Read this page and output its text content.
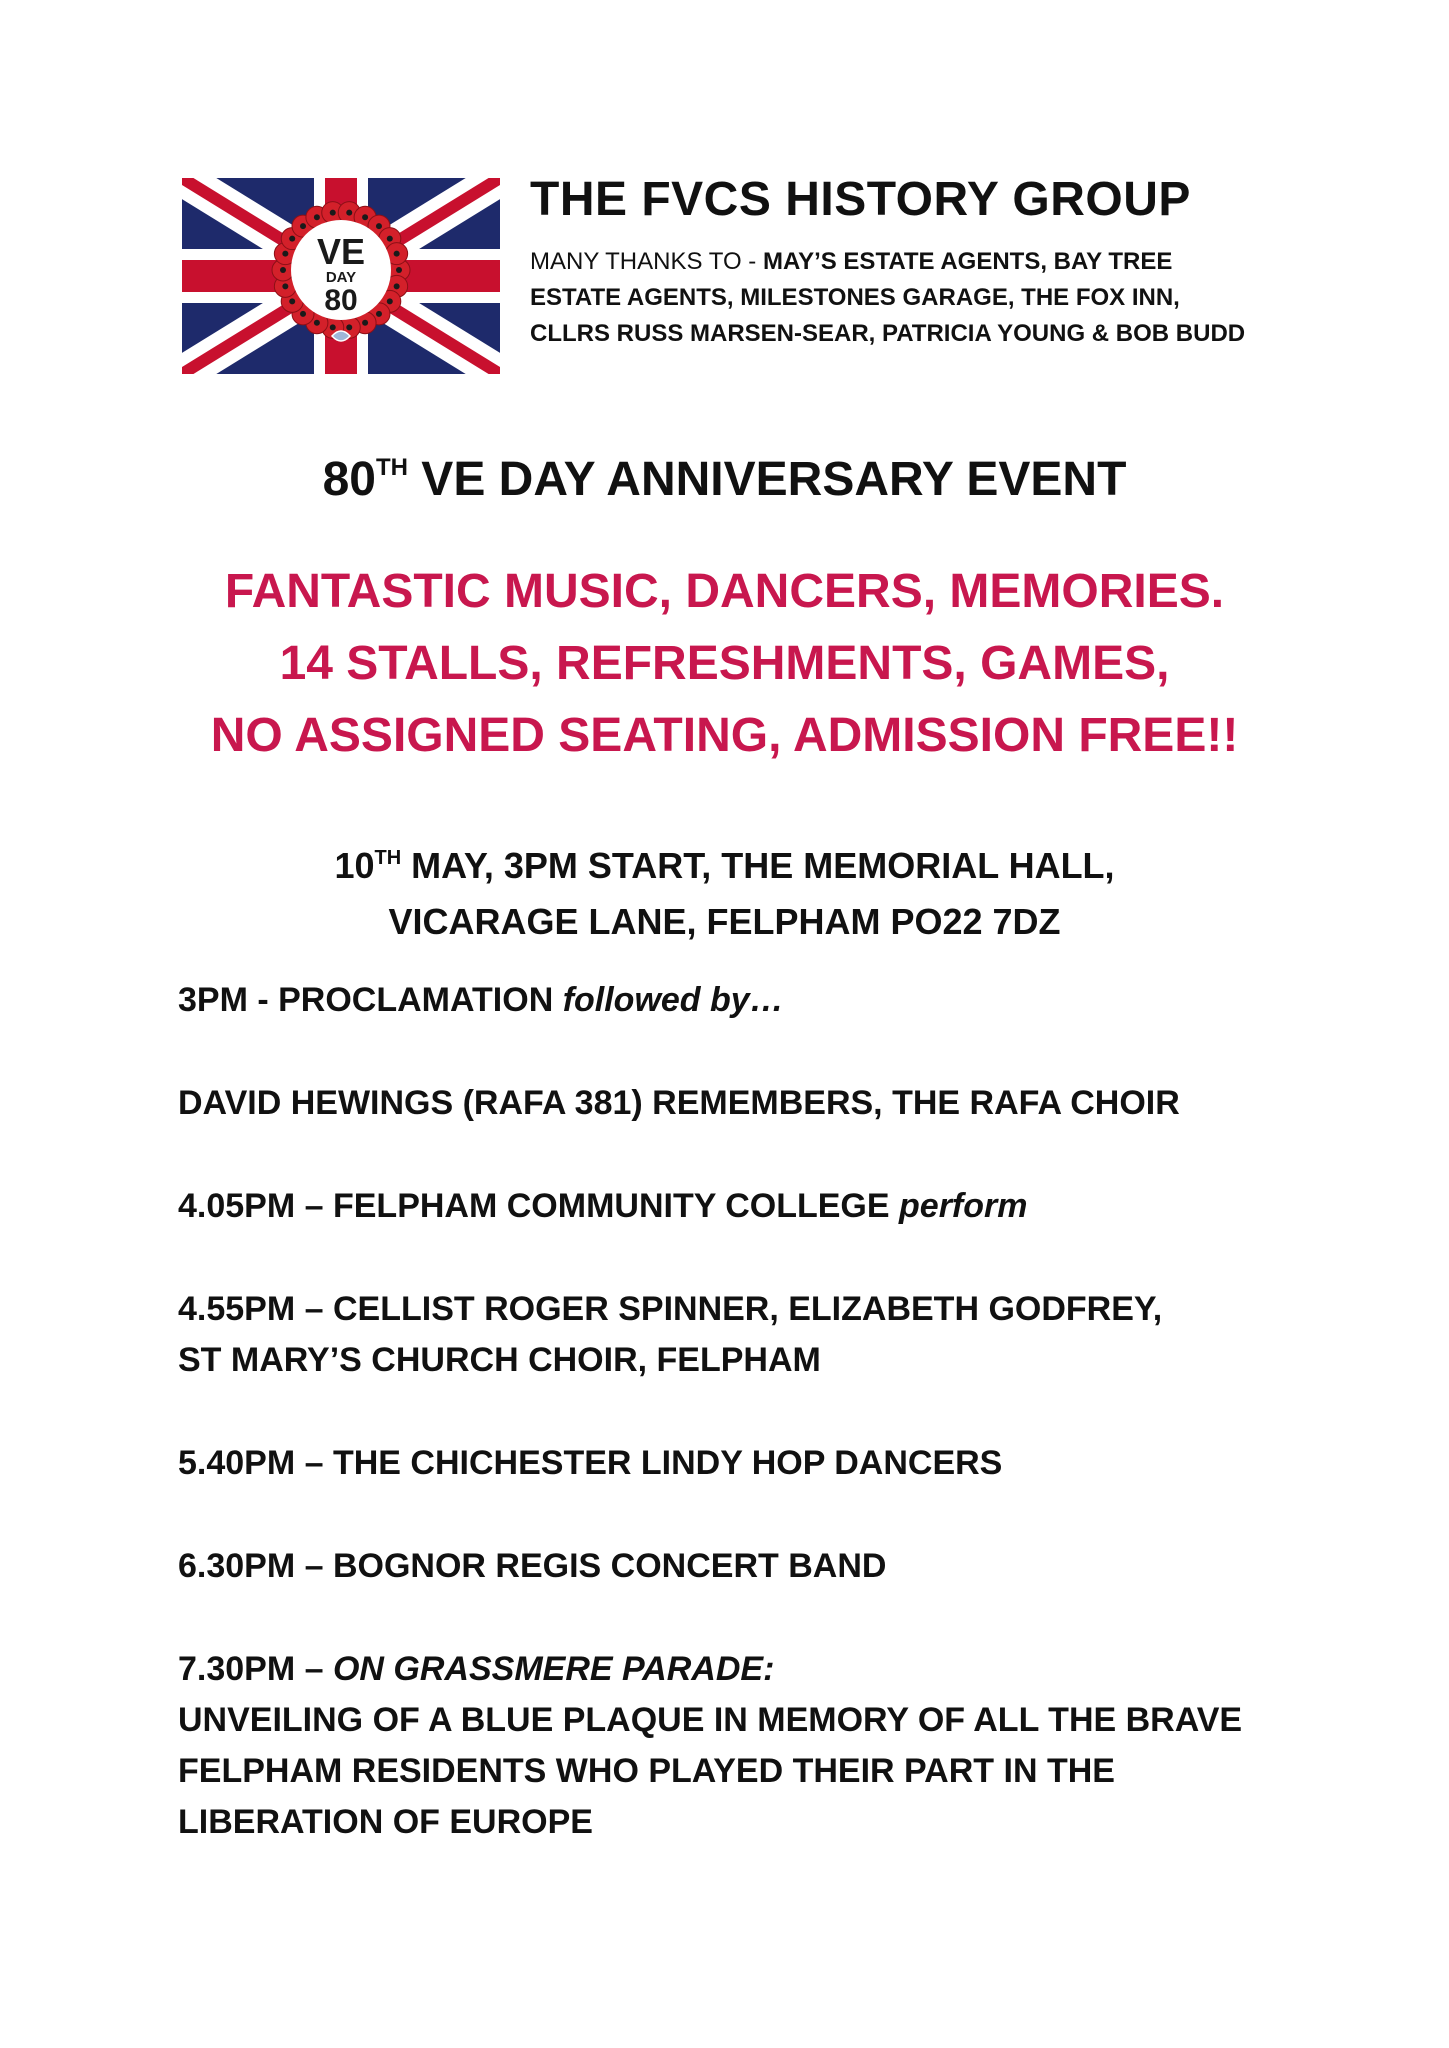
VE
DAY
80
THE FVCS HISTORY GROUP
MANY THANKS TO - MAY’S ESTATE AGENTS, BAY TREE
ESTATE AGENTS, MILESTONES GARAGE, THE FOX INN,
CLLRS RUSS MARSEN-SEAR, PATRICIA YOUNG & BOB BUDD
80TH VE DAY ANNIVERSARY EVENT
FANTASTIC MUSIC, DANCERS, MEMORIES.
14 STALLS, REFRESHMENTS, GAMES,
NO ASSIGNED SEATING, ADMISSION FREE!!
10TH MAY, 3PM START, THE MEMORIAL HALL,
VICARAGE LANE, FELPHAM PO22 7DZ

3PM - PROCLAMATION followed by…

DAVID HEWINGS (RAFA 381) REMEMBERS, THE RAFA CHOIR

4.05PM – FELPHAM COMMUNITY COLLEGE perform

4.55PM – CELLIST ROGER SPINNER, ELIZABETH GODFREY,
ST MARY’S CHURCH CHOIR, FELPHAM

5.40PM – THE CHICHESTER LINDY HOP DANCERS

6.30PM – BOGNOR REGIS CONCERT BAND

7.30PM – ON GRASSMERE PARADE:
UNVEILING OF A BLUE PLAQUE IN MEMORY OF ALL THE BRAVE
FELPHAM RESIDENTS WHO PLAYED THEIR PART IN THE
LIBERATION OF EUROPE
